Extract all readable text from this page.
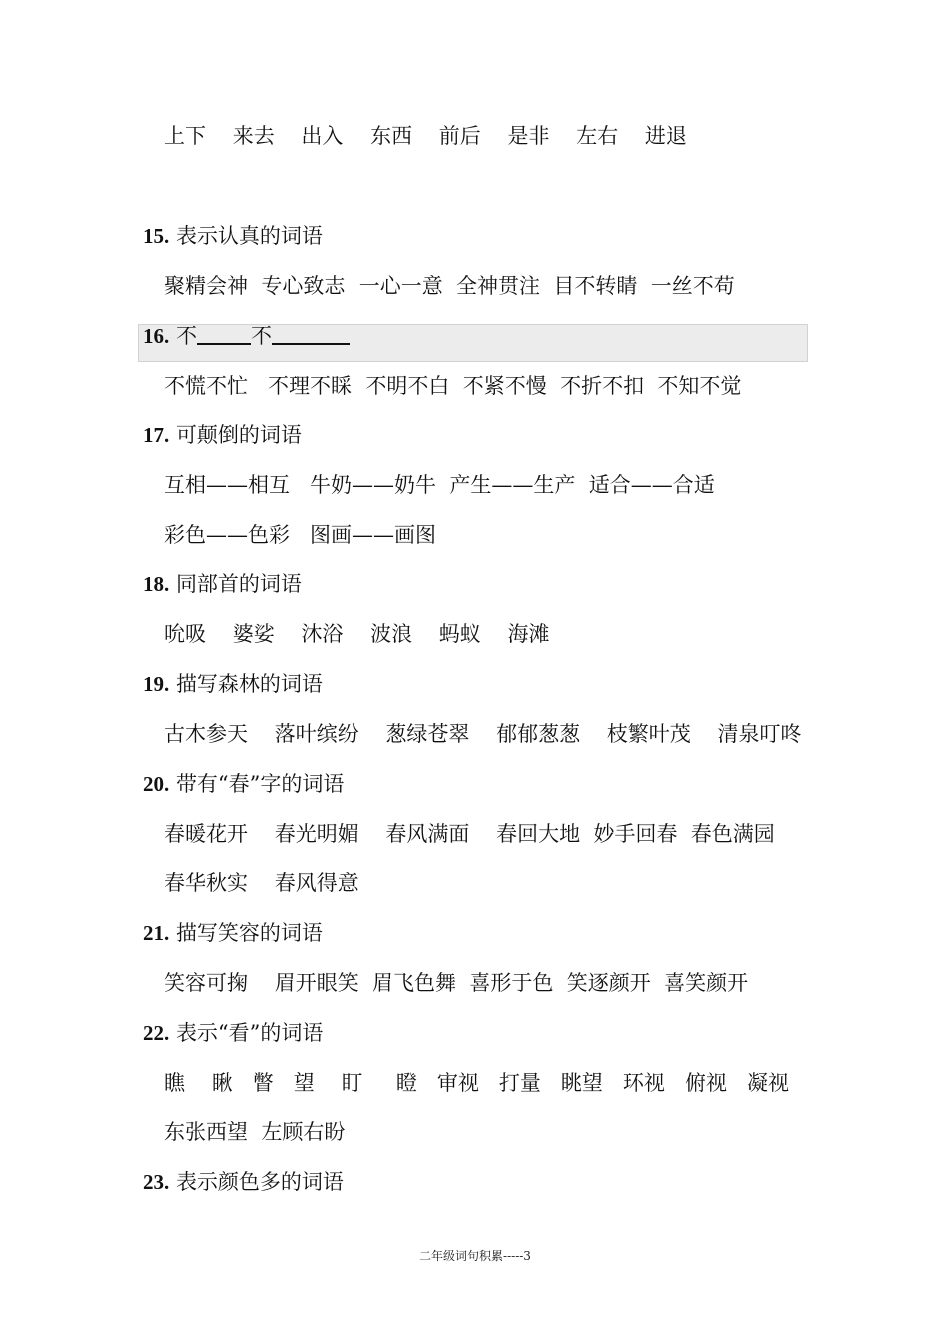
上下    来去    出入    东西    前后    是非    左右    进退
15. 表示认真的词语
聚精会神  专心致志  一心一意  全神贯注  目不转睛  一丝不苟
16. 不	不
不慌不忙   不理不睬  不明不白  不紧不慢  不折不扣  不知不觉
17. 可颠倒的词语
互相——相互   牛奶——奶牛  产生——生产  适合——合适
彩色——色彩   图画——画图
18. 同部首的词语
吮吸    婆娑    沐浴    波浪    蚂蚁    海滩
19. 描写森林的词语
古木参天    落叶缤纷    葱绿苍翠    郁郁葱葱    枝繁叶茂    清泉叮咚
20. 带有“春”字的词语
春暖花开    春光明媚    春风满面    春回大地  妙手回春  春色满园
春华秋实    春风得意
21. 描写笑容的词语
笑容可掬    眉开眼笑  眉飞色舞  喜形于色  笑逐颜开  喜笑颜开
22. 表示“看”的词语
瞧    瞅   瞥   望    盯     瞪   审视   打量   眺望   环视   俯视   凝视
东张西望  左顾右盼
23. 表示颜色多的词语
二年级词句积累-----3
